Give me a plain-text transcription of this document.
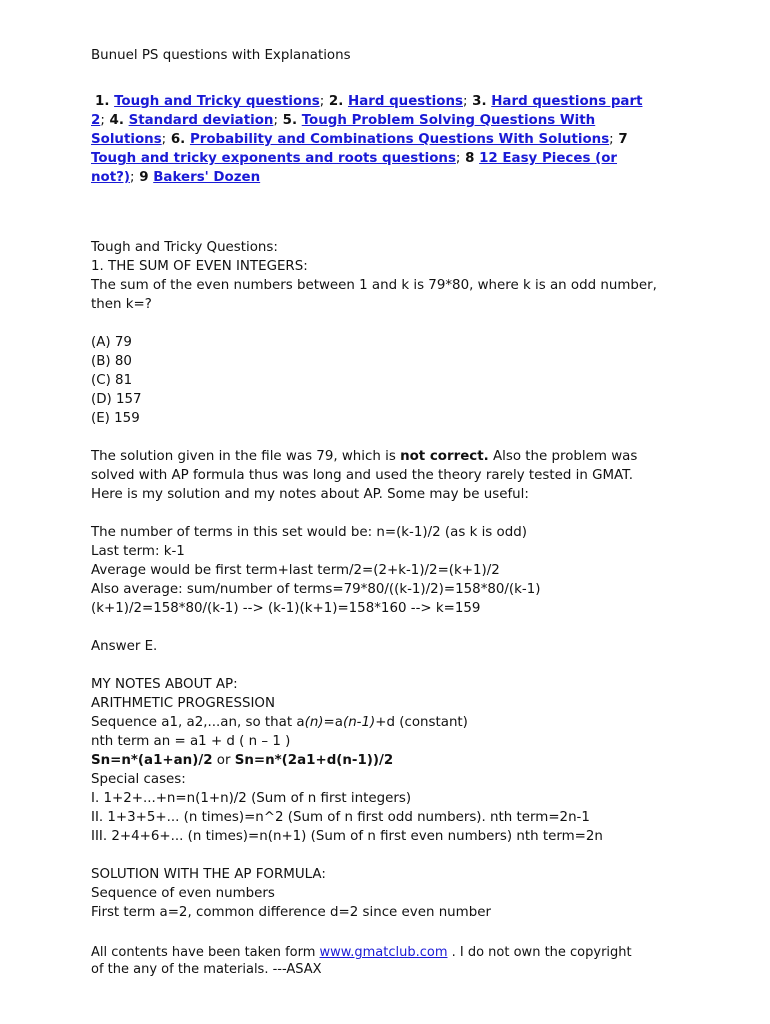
Bunuel PS questions with Explanations
1. Tough and Tricky questions; 2. Hard questions; 3. Hard questions part
2; 4. Standard deviation; 5. Tough Problem Solving Questions With
Solutions; 6. Probability and Combinations Questions With Solutions; 7
Tough and tricky exponents and roots questions; 8 12 Easy Pieces (or
not?); 9 Bakers' Dozen
Tough and Tricky Questions:
1. THE SUM OF EVEN INTEGERS:
The sum of the even numbers between 1 and k is 79*80, where k is an odd number,
then k=?
(A) 79
(B) 80
(C) 81
(D) 157
(E) 159
The solution given in the file was 79, which is not correct. Also the problem was
solved with AP formula thus was long and used the theory rarely tested in GMAT.
Here is my solution and my notes about AP. Some may be useful:
The number of terms in this set would be: n=(k-1)/2 (as k is odd)
Last term: k-1
Average would be first term+last term/2=(2+k-1)/2=(k+1)/2
Also average: sum/number of terms=79*80/((k-1)/2)=158*80/(k-1)
(k+1)/2=158*80/(k-1) --> (k-1)(k+1)=158*160 --> k=159
Answer E.
MY NOTES ABOUT AP:
ARITHMETIC PROGRESSION
Sequence a1, a2,...an, so that a(n)=a(n-1)+d (constant)
nth term an = a1 + d ( n – 1 )
Sn=n*(a1+an)/2 or Sn=n*(2a1+d(n-1))/2
Special cases:
I. 1+2+...+n=n(1+n)/2 (Sum of n first integers)
II. 1+3+5+... (n times)=n^2 (Sum of n first odd numbers). nth term=2n-1
III. 2+4+6+... (n times)=n(n+1) (Sum of n first even numbers) nth term=2n
SOLUTION WITH THE AP FORMULA:
Sequence of even numbers
First term a=2, common difference d=2 since even number
All contents have been taken form www.gmatclub.com . I do not own the copyright
of the any of the materials. ---ASAX
